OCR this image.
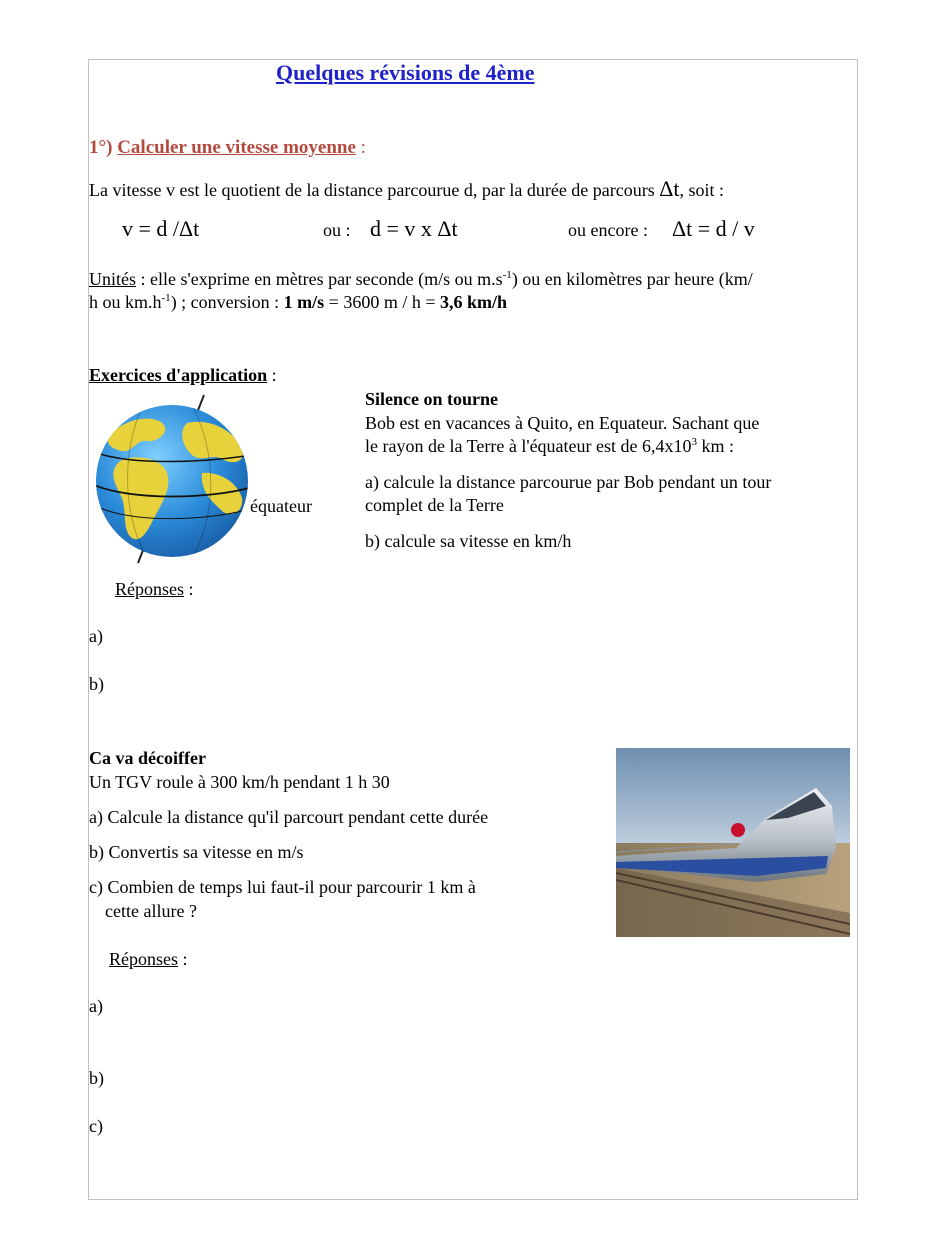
Quelques révisions de 4ème
1°) Calculer une vitesse moyenne :
La vitesse v est le quotient de la distance parcourue d, par la durée de parcours Δt, soit :
v = d /Δt	ou : d = v x Δt	ou encore : Δt = d / v
Unités : elle s'exprime en mètres par seconde (m/s ou $m.s^{-1}$) ou en kilomètres par heure (km/
h ou $km.h^{-1}$) ; conversion : 1 m/s = 3600 m / h = 3,6 km/h
Exercices d'application :
équateur
Silence on tourne
Bob est en vacances à Quito, en Equateur. Sachant que
le rayon de la Terre à l'équateur est de $6,4x10^3$ km :
a) calcule la distance parcourue par Bob pendant un tour
complet de la Terre
b) calcule sa vitesse en km/h
Réponses :
a)
b)
Ca va décoiffer
Un TGV roule à 300 km/h pendant 1 h 30
a) Calcule la distance qu'il parcourt pendant cette durée
b) Convertis sa vitesse en m/s
c) Combien de temps lui faut-il pour parcourir 1 km à
cette allure ?
Réponses :
a)
b)
c)
